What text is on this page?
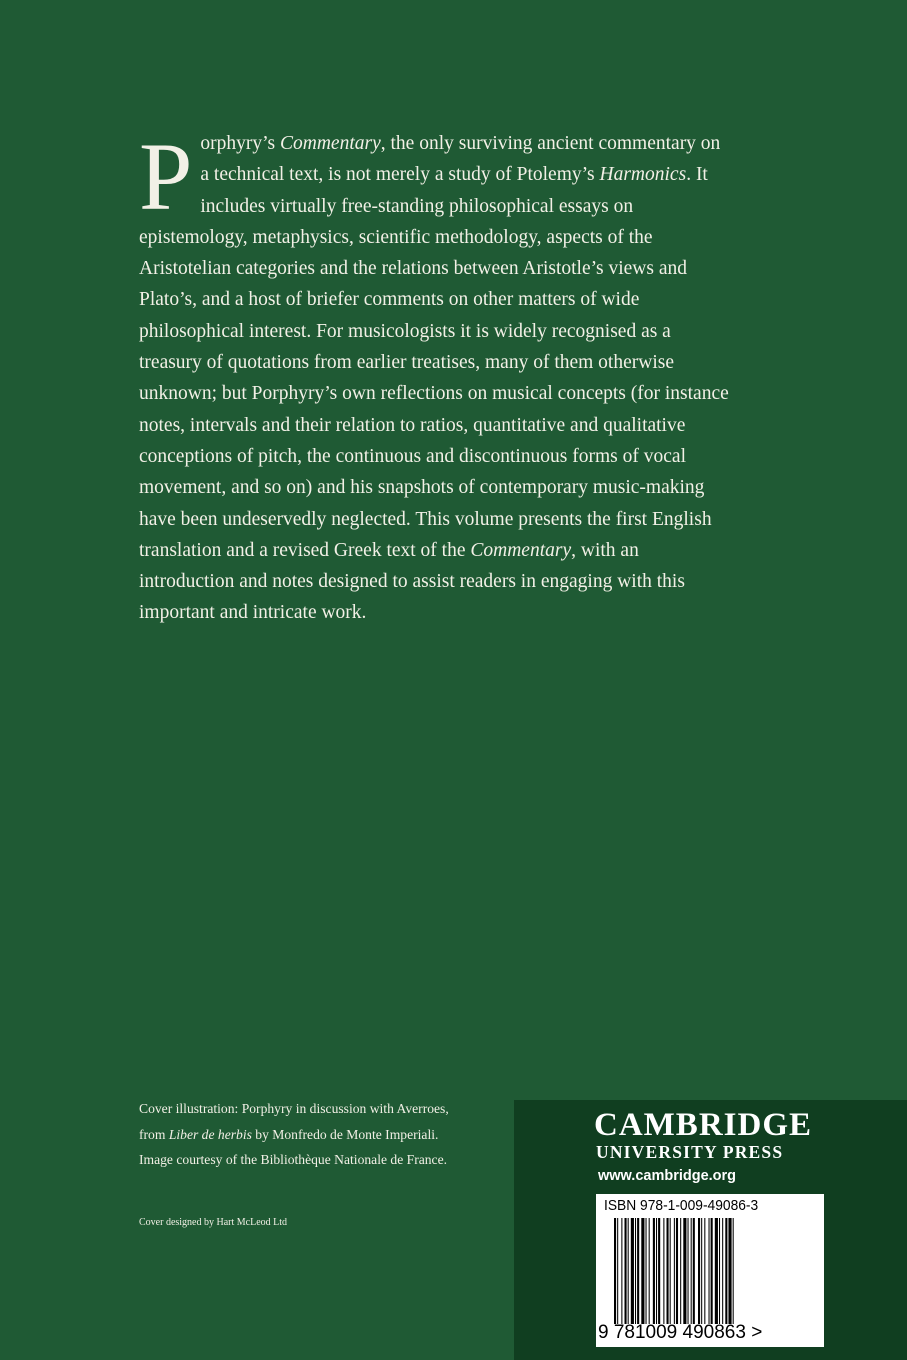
Porphyry’s Commentary, the only surviving ancient commentary on a technical text, is not merely a study of Ptolemy’s Harmonics. It includes virtually free-standing philosophical essays on epistemology, metaphysics, scientific methodology, aspects of the Aristotelian categories and the relations between Aristotle’s views and Plato’s, and a host of briefer comments on other matters of wide philosophical interest. For musicologists it is widely recognised as a treasury of quotations from earlier treatises, many of them otherwise unknown; but Porphyry’s own reflections on musical concepts (for instance notes, intervals and their relation to ratios, quantitative and qualitative conceptions of pitch, the continuous and discontinuous forms of vocal movement, and so on) and his snapshots of contemporary music-making have been undeservedly neglected. This volume presents the first English translation and a revised Greek text of the Commentary, with an introduction and notes designed to assist readers in engaging with this important and intricate work.

Cover illustration: Porphyry in discussion with Averroes,
from Liber de herbis by Monfredo de Monte Imperiali.
Image courtesy of the Bibliothèque Nationale de France.
Cover designed by Hart McLeod Ltd
CAMBRIDGE
UNIVERSITY PRESS
www.cambridge.org
ISBN 978-1-009-49086-3
9 781009 490863 >
